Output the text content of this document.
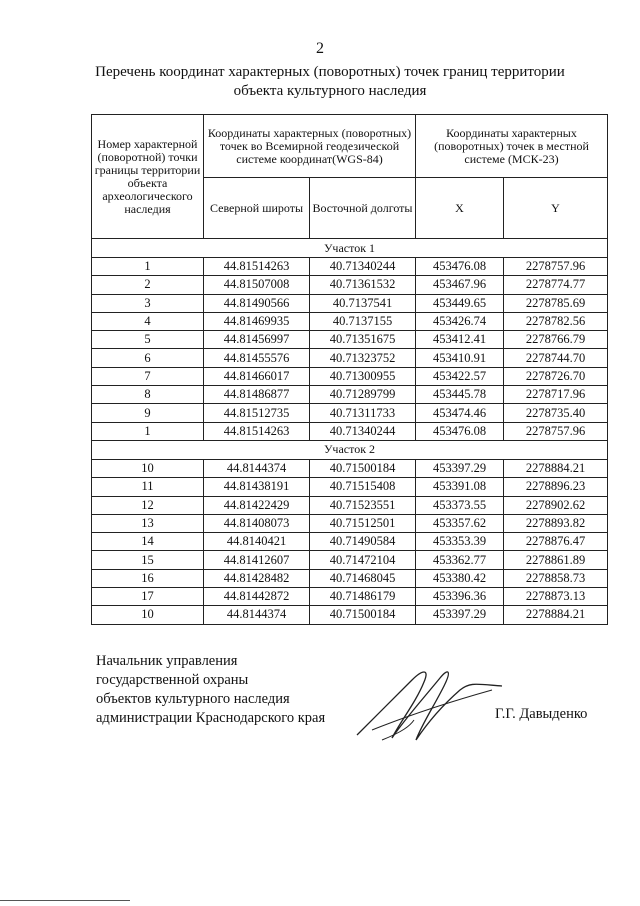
2
Перечень координат характерных (поворотных) точек границ территории
объекта культурного наследия
Номер характерной (поворотной) точки границы территории объекта археологического наследия	Координаты характерных (поворотных) точек во Всемирной геодезической системе координат(WGS-84)		Координаты характерных (поворотных) точек в местной системе (МСК-23)	
	Северной широты	Восточной долготы	X	Y
Участок 1				
1	44.81514263	40.71340244	453476.08	2278757.96
2	44.81507008	40.71361532	453467.96	2278774.77
3	44.81490566	40.7137541	453449.65	2278785.69
4	44.81469935	40.7137155	453426.74	2278782.56
5	44.81456997	40.71351675	453412.41	2278766.79
6	44.81455576	40.71323752	453410.91	2278744.70
7	44.81466017	40.71300955	453422.57	2278726.70
8	44.81486877	40.71289799	453445.78	2278717.96
9	44.81512735	40.71311733	453474.46	2278735.40
1	44.81514263	40.71340244	453476.08	2278757.96
Участок 2				
10	44.8144374	40.71500184	453397.29	2278884.21
11	44.81438191	40.71515408	453391.08	2278896.23
12	44.81422429	40.71523551	453373.55	2278902.62
13	44.81408073	40.71512501	453357.62	2278893.82
14	44.8140421	40.71490584	453353.39	2278876.47
15	44.81412607	40.71472104	453362.77	2278861.89
16	44.81428482	40.71468045	453380.42	2278858.73
17	44.81442872	40.71486179	453396.36	2278873.13
10	44.8144374	40.71500184	453397.29	2278884.21
Начальник управления
государственной охраны
объектов культурного наследия
администрации Краснодарского края	Г.Г. Давыденко
